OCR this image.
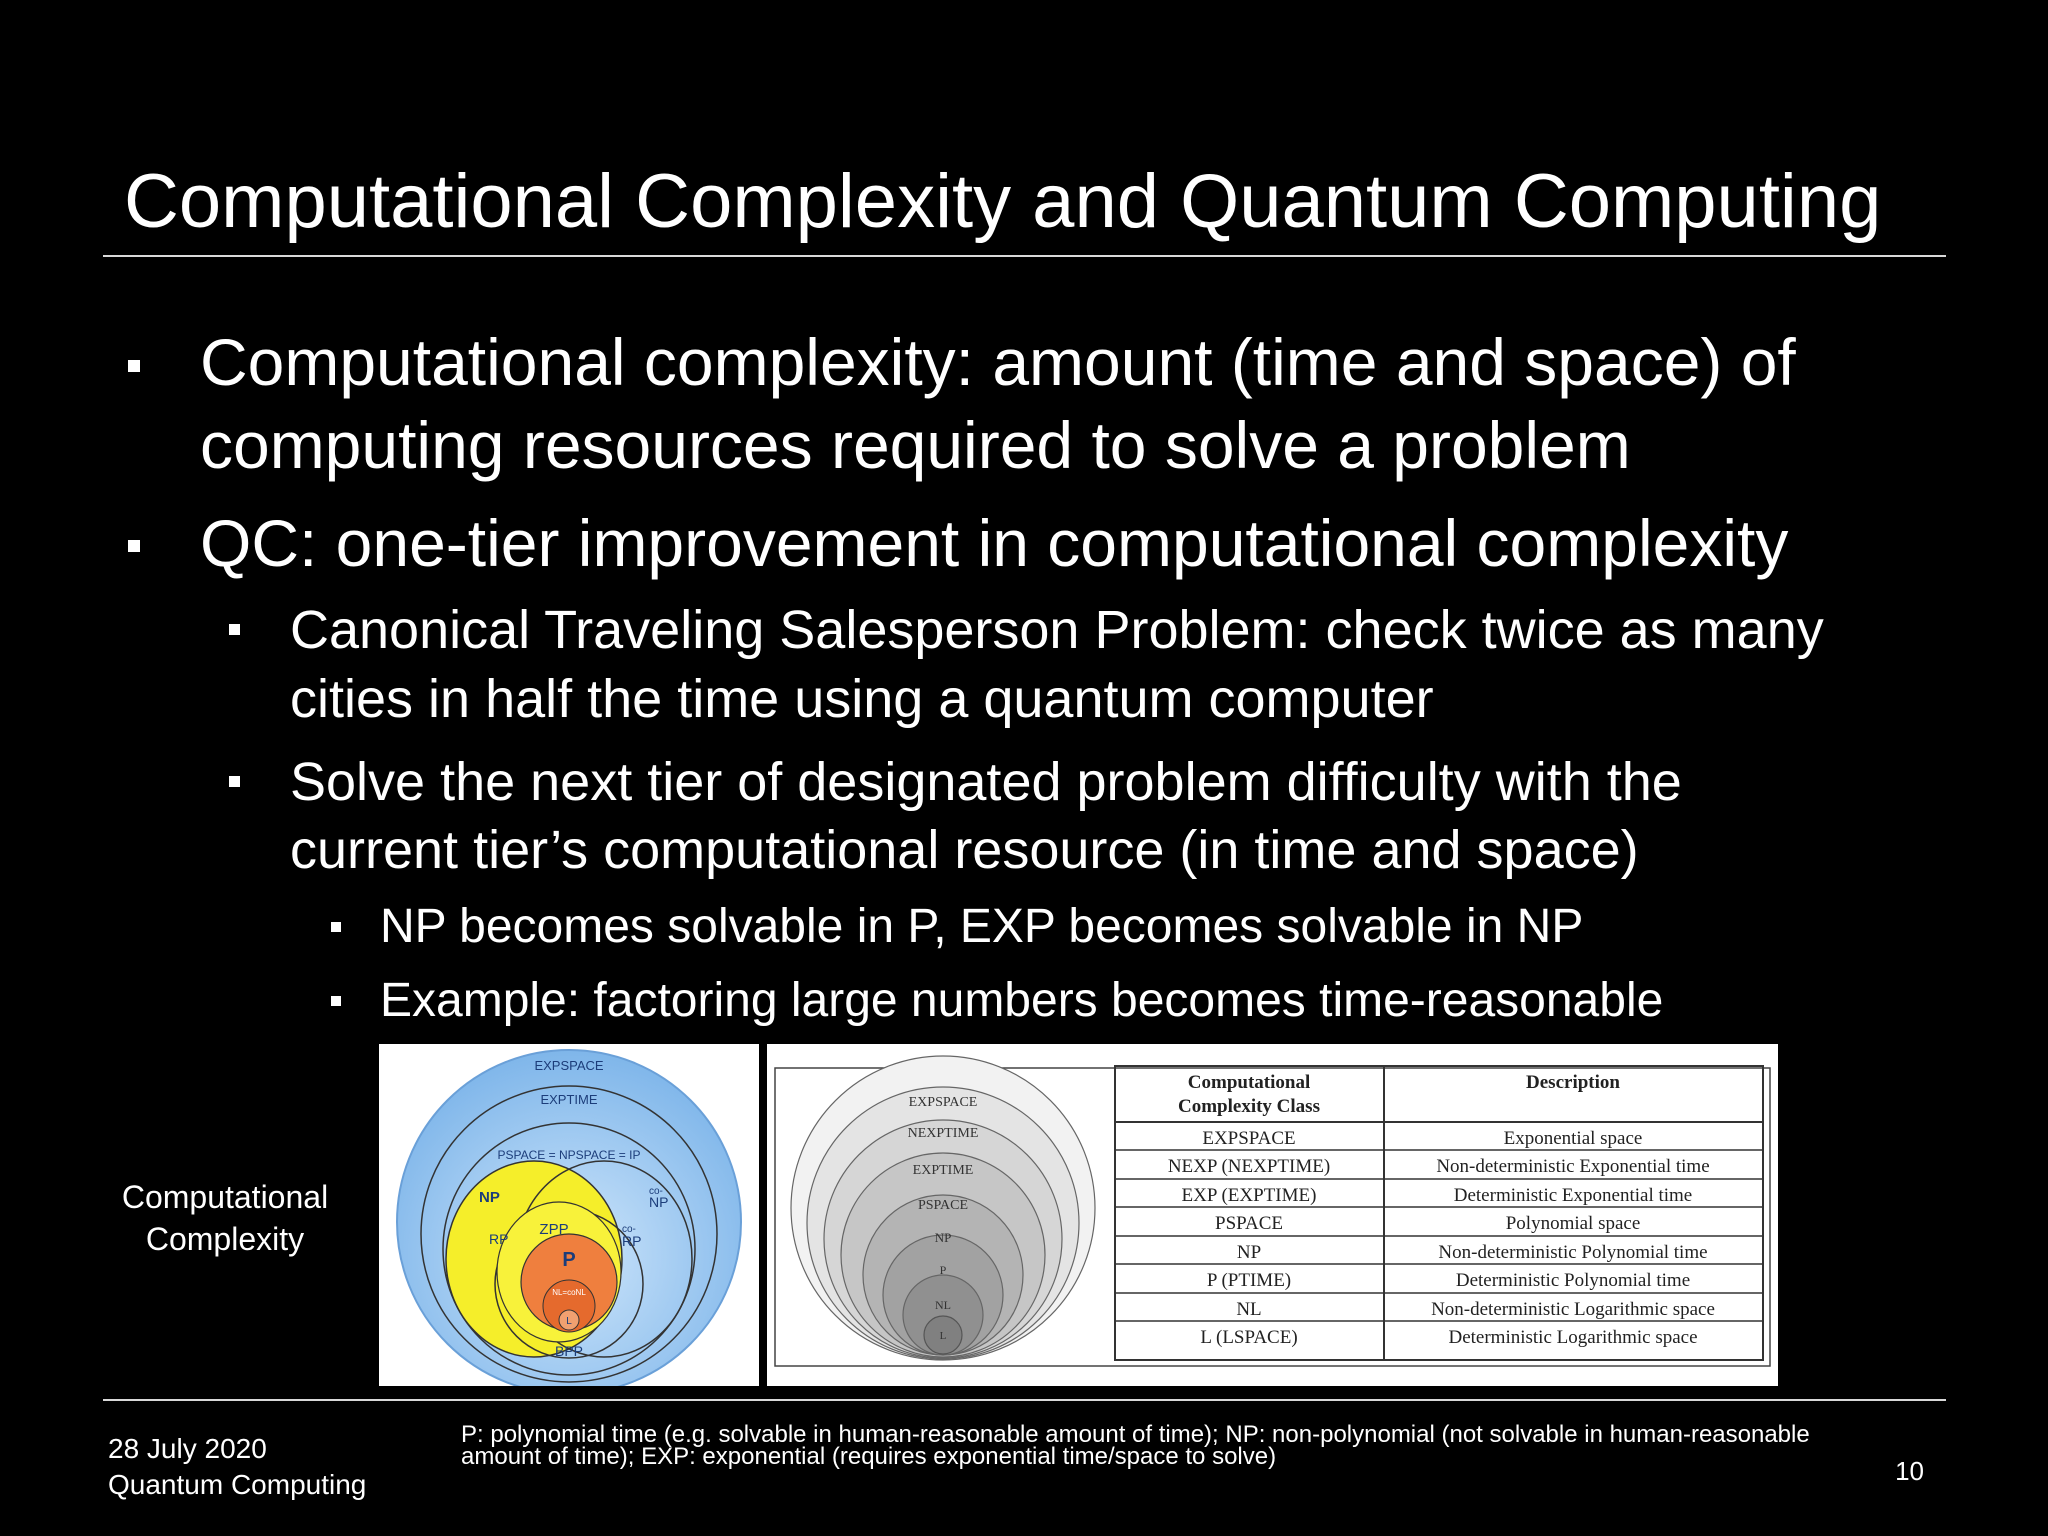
Computational Complexity and Quantum Computing
Computational complexity: amount (time and space) of
computing resources required to solve a problem
QC: one-tier improvement in computational complexity
Canonical Traveling Salesperson Problem: check twice as many
cities in half the time using a quantum computer
Solve the next tier of designated problem difficulty with the
current tier’s computational resource (in time and space)
NP becomes solvable in P, EXP becomes solvable in NP
Example: factoring large numbers becomes time-reasonable
Computational
Complexity
EXPSPACE
EXPTIME
PSPACE = NPSPACE = IP
NP	co-
NP
RP
ZPP	co-
RP
P
NL=coNL
L
BPP
EXPSPACE
NEXPTIME
EXPTIME
PSPACE
NP
P
NL
L
Computational
Complexity Class
Description
EXPSPACE	Exponential space
NEXP (NEXPTIME)	Non-deterministic Exponential time
EXP (EXPTIME)	Deterministic Exponential time
PSPACE	Polynomial space
NP	Non-deterministic Polynomial time
P (PTIME)	Deterministic Polynomial time
NL	Non-deterministic Logarithmic space
L (LSPACE)	Deterministic Logarithmic space
P: polynomial time (e.g. solvable in human-reasonable amount of time); NP: non-polynomial (not solvable in human-reasonable
amount of time); EXP: exponential (requires exponential time/space to solve)
28 July 2020
Quantum Computing	10
